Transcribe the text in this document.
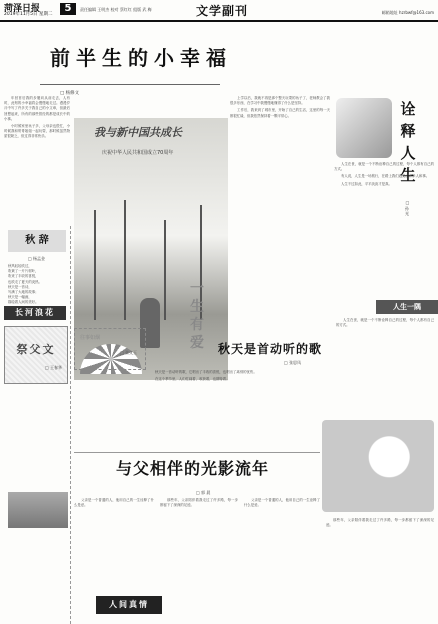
菏泽日报
2019年11月5日 星期二
5	责任编辑 王明杰 校对 蔡红红 组版 武 梅	文学副刊	邮箱地址 hzrbwf@163.com
前半生的小幸福
□ 杨修文

年回首后我的步履向从前走去，人有时，此刻的小幸福将会慢慢地走过。漫漫岁月中写了许多关于我自己的小文章，但最后回想起来，所有的那些曾经的都是成长中的小事。

小时候家里孩子多，父母亲也很忙，小时候我和哥哥姐姐一起玩耍，那时候虽然物质很缺乏，但过得非常快乐。

上学以后，我就不再是那个整天玩耍的孩子了，老师教会了我很多东西，在学习中我慢慢地懂得了什么是坚持。

工作后，我来到了城市里，开始了自己的生活，这里的每一天都很忙碌，但我依然保持着一颗平常心。

我与新中国共成长
庆祝中华人民共和国成立70周年
一生有爱
秋 辞
□ 杨孟金
秋风轻轻吹过，
吹黄了一片片树叶，
吹来了丰收的喜悦，
也吹走了夏天的炎热。
秋天是一首诗，
写满了大地的故事；
秋天是一幅画，
描绘着人间的美好。
长河浪花
祭父文
□ 王春华
诠释人生
□ 孙 光

人生在世，就是一个不断诠释自己的过程，每个人都有自己的方式。

有人说，人生是一场旅行，在路上我们遇见了许多人和事。

人生不过如此，平平淡淡才是真。

人生一隅
往事如烟
□ 张文玉	秋天是首动听的歌
□ 张思凤

秋天是一首动听的歌，它唱出了丰收的喜悦，也唱出了离别的忧伤。

在这个季节里，人们忙碌着，收获着，也期待着。

人生在世，就是一个不断诠释自己的过程，每个人都有自己的方式。

与父相伴的光影流年
□ 郭 晨

父亲是一个普通的人，他用自己的一生诠释了什么是爱。

那些年，父亲陪伴着我走过了许多路，每一步都留下了深深的足迹。

父亲是一个普通的人，他用自己的一生诠释了什么是爱。

那些年，父亲陪伴着我走过了许多路，每一步都留下了深深的足迹。

人间真情
